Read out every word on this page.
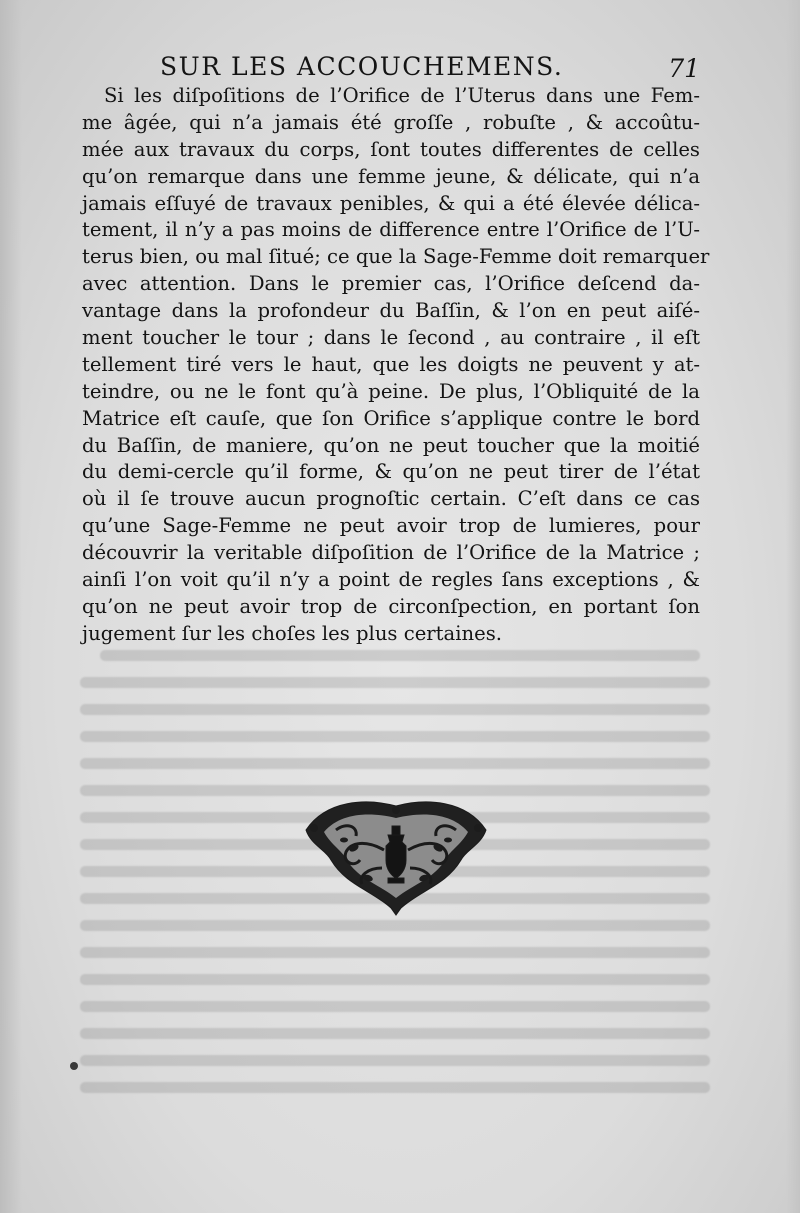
SUR LES ACCOUCHEMENS.	71
Si les diſpoſitions de l’Orifice de l’Uterus dans une Fem-
me âgée, qui n’a jamais été groſſe , robuſte , & accoûtu-
mée aux travaux du corps, ſont toutes differentes de celles
qu’on remarque dans une femme jeune, & délicate, qui n’a
jamais eſſuyé de travaux penibles, & qui a été élevée délica-
tement, il n’y a pas moins de difference entre l’Orifice de l’U-
terus bien, ou mal ſitué; ce que la Sage-Femme doit remarquer
avec attention. Dans le premier cas, l’Orifice deſcend da-
vantage dans la profondeur du Baſſin, & l’on en peut aiſé-
ment toucher le tour ; dans le ſecond , au contraire , il eſt
tellement tiré vers le haut, que les doigts ne peuvent y at-
teindre, ou ne le font qu’à peine. De plus, l’Obliquité de la
Matrice eſt cauſe, que ſon Orifice s’applique contre le bord
du Baſſin, de maniere, qu’on ne peut toucher que la moitié
du demi-cercle qu’il forme, & qu’on ne peut tirer de l’état
où il ſe trouve aucun prognoſtic certain. C’eſt dans ce cas
qu’une Sage-Femme ne peut avoir trop de lumieres, pour
découvrir la veritable diſpoſition de l’Orifice de la Matrice ;
ainſi l’on voit qu’il n’y a point de regles ſans exceptions , &
qu’on ne peut avoir trop de circonſpection, en portant ſon
jugement ſur les choſes les plus certaines.
